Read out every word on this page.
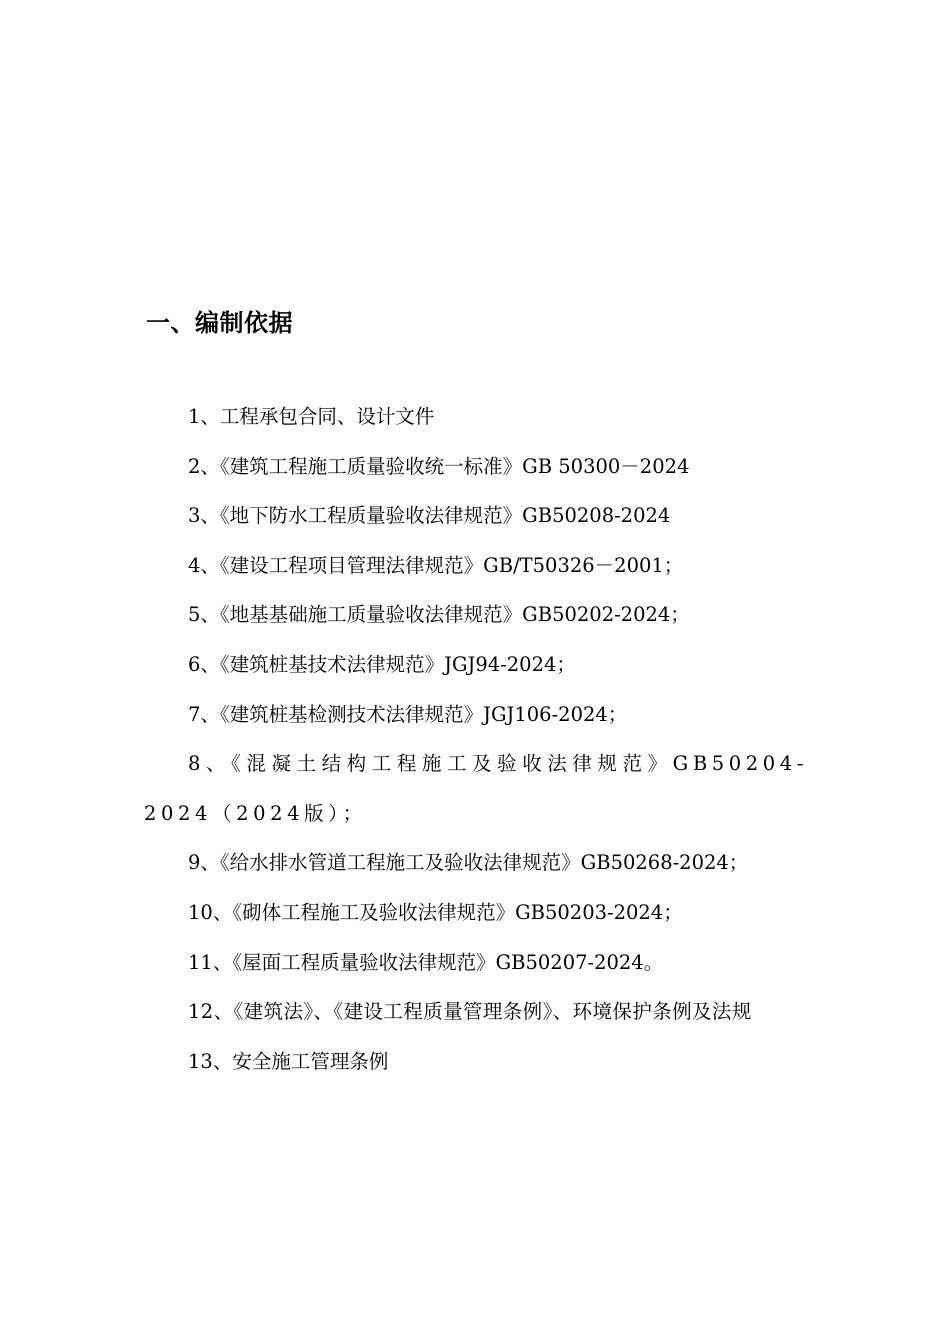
一、编制依据
1、工程承包合同、设计文件
2、《建筑工程施工质量验收统一标准》GB 50300－2024
3、《地下防水工程质量验收法律规范》GB50208-2024
4、《建设工程项目管理法律规范》GB/T50326－2001；
5、《地基基础施工质量验收法律规范》GB50202-2024；
6、《建筑桩基技术法律规范》JGJ94-2024；
7、《建筑桩基检测技术法律规范》JGJ106-2024；
8、《混凝土结构工程施工及验收法律规范》GB50204-2024（2024版）；
9、《给水排水管道工程施工及验收法律规范》GB50268-2024；
10、《砌体工程施工及验收法律规范》GB50203-2024；
11、《屋面工程质量验收法律规范》GB50207-2024。
12、《建筑法》、《建设工程质量管理条例》、环境保护条例及法规
13、安全施工管理条例
